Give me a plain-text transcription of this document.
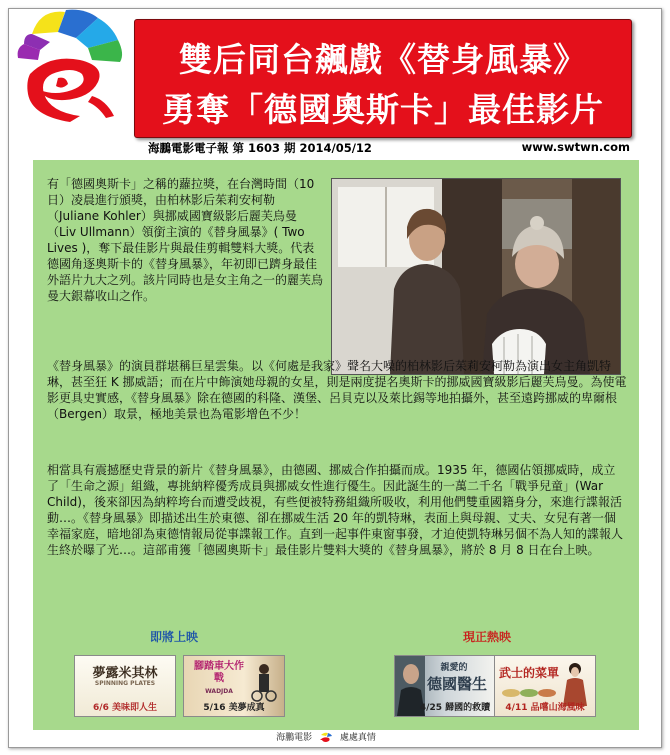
雙后同台飆戲《替身風暴》
勇奪「德國奧斯卡」最佳影片
海鵬電影電子報 第 1603 期 2014/05/12	www.swtwn.com

有「德國奧斯卡」之稱的蘿拉獎，在台灣時間（10 日）凌晨進行頒獎，由柏林影后茱莉安柯勒（Juliane Kohler）與挪威國寶級影后麗芙烏曼（Liv Ullmann）領銜主演的《替身風暴》( Two Lives )，奪下最佳影片與最佳剪輯雙料大獎。代表德國角逐奧斯卡的《替身風暴》，年初即已躋身最佳外語片九大之列。該片同時也是女主角之一的麗芙烏曼大銀幕收山之作。

《替身風暴》的演員群堪稱巨星雲集。以《何處是我家》聲名大噪的柏林影后茱莉安柯勒為演出女主角凱特琳，甚至狂 K 挪威語；而在片中飾演她母親的女星，則是兩度提名奧斯卡的挪威國寶級影后麗芙烏曼。為使電影更具史實感，《替身風暴》除在德國的科隆、漢堡、呂貝克以及萊比錫等地拍攝外，甚至遠跨挪威的卑爾根（Bergen）取景，極地美景也為電影增色不少！

相當具有震撼歷史背景的新片《替身風暴》，由德國、挪威合作拍攝而成。1935 年，德國佔領挪威時，成立了「生命之源」組織，專挑納粹優秀成員與挪威女性進行優生。因此誕生的一萬二千名「戰爭兒童」(War Child)，後來卻因為納粹垮台而遭受歧視，有些便被特務組織所吸收，利用他們雙重國籍身分，來進行諜報活動…。《替身風暴》即描述出生於東德、卻在挪威生活 20 年的凱特琳，表面上與母親、丈夫、女兒有著一個幸福家庭，暗地卻為東德情報局從事諜報工作。直到一起事件東窗事發，才迫使凱特琳另個不為人知的諜報人生終於曝了光…。這部甫獲「德國奧斯卡」最佳影片雙料大獎的《替身風暴》，將於 8 月 8 日在台上映。

即將上映	現正熱映
夢露米其林
SPINNING PLATES
6/6 美味即人生
腳踏車大作戰
WADJDA
5/16 美夢成真
親愛的
德國醫生
4/25 歸國的救贖
武士的菜單
4/11 品嚐山海風味
海鵬電影	處處真情
